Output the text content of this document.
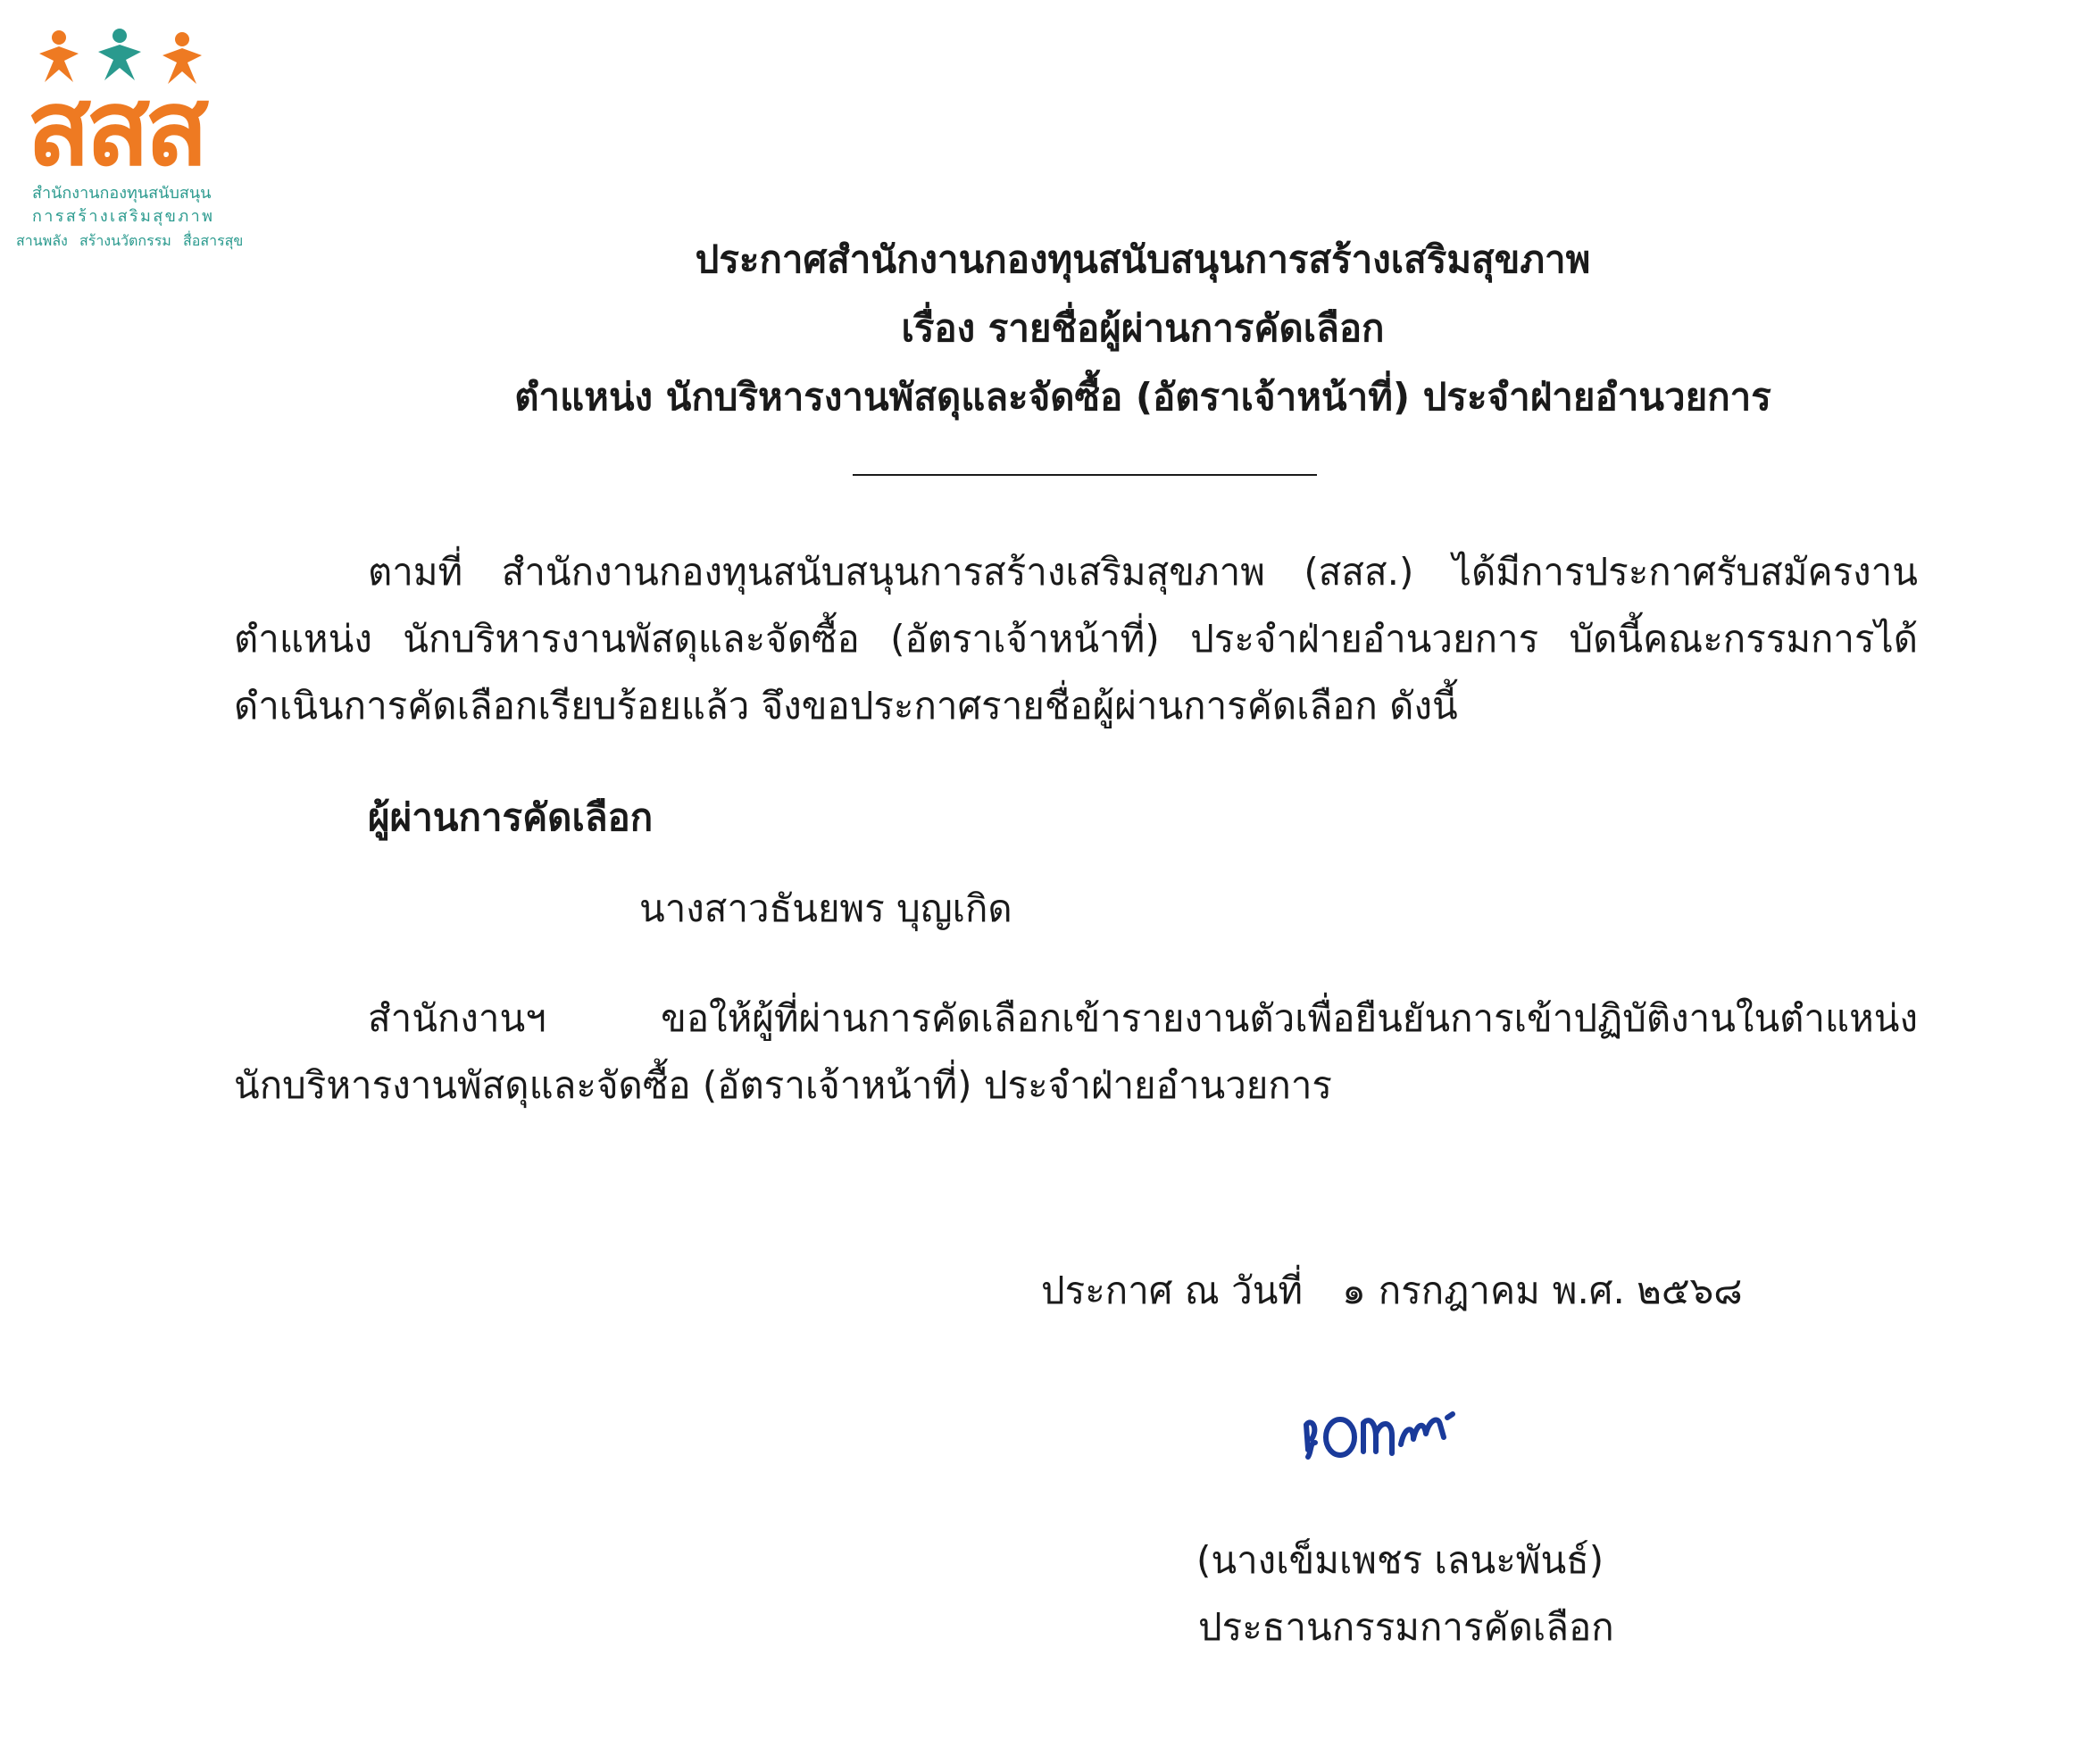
สสส
สำนักงานกองทุนสนับสนุน
การสร้างเสริมสุขภาพ
สานพลัง สร้างนวัตกรรม สื่อสารสุข	ประกาศสำนักงานกองทุนสนับสนุนการสร้างเสริมสุขภาพ
เรื่อง รายชื่อผู้ผ่านการคัดเลือก
ตำแหน่ง นักบริหารงานพัสดุและจัดซื้อ (อัตราเจ้าหน้าที่) ประจำฝ่ายอำนวยการ
ตามที่ สำนักงานกองทุนสนับสนุนการสร้างเสริมสุขภาพ (สสส.) ได้มีการประกาศรับสมัครงาน
ตำแหน่ง นักบริหารงานพัสดุและจัดซื้อ (อัตราเจ้าหน้าที่) ประจำฝ่ายอำนวยการ บัดนี้คณะกรรมการได้
ดำเนินการคัดเลือกเรียบร้อยแล้ว จึงขอประกาศรายชื่อผู้ผ่านการคัดเลือก ดังนี้
ผู้ผ่านการคัดเลือก
นางสาวธันยพร บุญเกิด
สำนักงานฯ	ขอให้ผู้ที่ผ่านการคัดเลือกเข้ารายงานตัวเพื่อยืนยันการเข้าปฏิบัติงานในตำแหน่ง
นักบริหารงานพัสดุและจัดซื้อ (อัตราเจ้าหน้าที่) ประจำฝ่ายอำนวยการ
ประกาศ ณ วันที่ ๑ กรกฎาคม พ.ศ. ๒๕๖๘
(นางเข็มเพชร เลนะพันธ์)
ประธานกรรมการคัดเลือก
